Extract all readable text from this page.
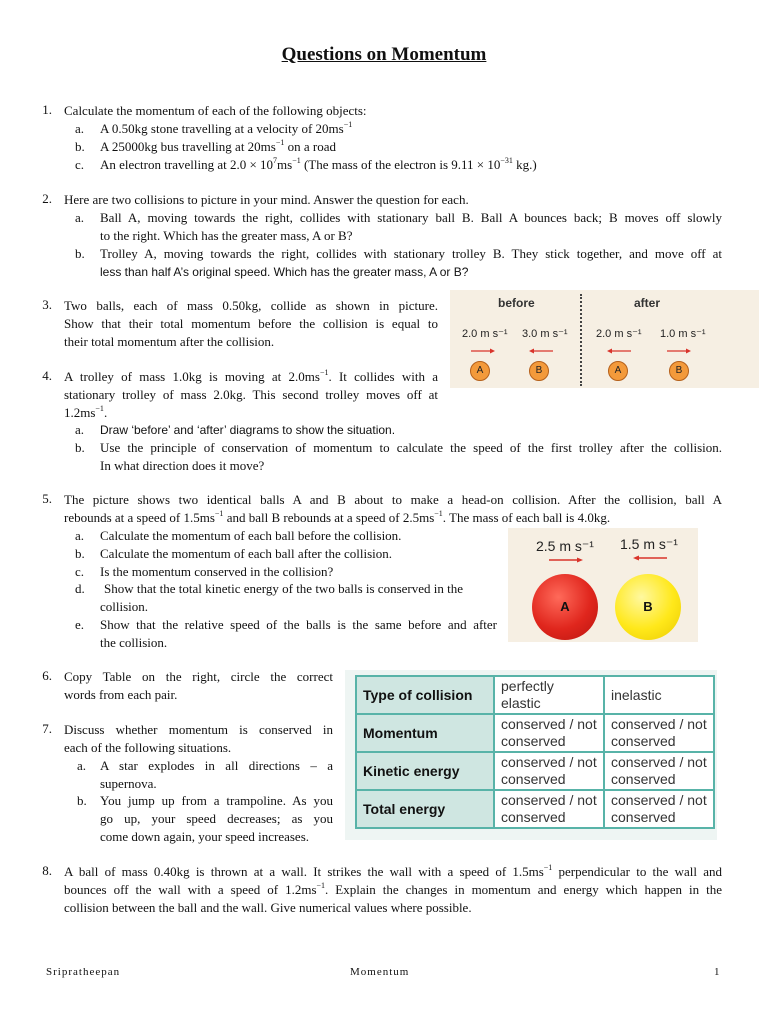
Questions on Momentum
1. Calculate the momentum of each of the following objects:
a. A 0.50kg stone travelling at a velocity of $20ms^{-1}$
b. A 25000kg bus travelling at $20ms^{-1}$ on a road
c. An electron travelling at $2.0 \times 10^7ms^{-1}$ (The mass of the electron is $9.11 \times 10^{-31}$ kg.)
2. Here are two collisions to picture in your mind. Answer the question for each.
a. Ball A, moving towards the right, collides with stationary ball B. Ball A bounces back; B moves off slowly
to the right. Which has the greater mass, A or B?
b. Trolley A, moving towards the right, collides with stationary trolley B. They stick together, and move off at
less than half A’s original speed. Which has the greater mass, A or B?
3. Two balls, each of mass 0.50kg, collide as shown in picture.
Show that their total momentum before the collision is equal to
their total momentum after the collision.
before	after
2.0 m s⁻¹ 3.0 m s⁻¹	2.0 m s⁻¹ 1.0 m s⁻¹
A	B	A	B
4. A trolley of mass 1.0kg is moving at $2.0ms^{-1}$. It collides with a
stationary trolley of mass 2.0kg. This second trolley moves off at
$1.2ms^{-1}$.
a. Draw ‘before’ and ‘after’ diagrams to show the situation.
b. Use the principle of conservation of momentum to calculate the speed of the first trolley after the collision.
In what direction does it move?
5. The picture shows two identical balls A and B about to make a head-on collision. After the collision, ball A
rebounds at a speed of $1.5ms^{-1}$ and ball B rebounds at a speed of $2.5ms^{-1}$. The mass of each ball is 4.0kg.
a. Calculate the momentum of each ball before the collision.
b. Calculate the momentum of each ball after the collision.
c. Is the momentum conserved in the collision?
d. Show that the total kinetic energy of the two balls is conserved in the
collision.
e. Show that the relative speed of the balls is the same before and after
the collision.
2.5 m s⁻¹ 1.5 m s⁻¹
A	B
6. Copy Table on the right, circle the correct
words from each pair.	Type of collision	perfectly elastic	inelastic
Momentum	conserved / not conserved	conserved / not conserved
Kinetic energy	conserved / not conserved	conserved / not conserved
Total energy	conserved / not conserved	conserved / not conserved
7. Discuss whether momentum is conserved in
each of the following situations.
a. A star explodes in all directions – a
supernova.
b. You jump up from a trampoline. As you
go up, your speed decreases; as you
come down again, your speed increases.
8. A ball of mass 0.40kg is thrown at a wall. It strikes the wall with a speed of $1.5ms^{-1}$ perpendicular to the wall and
bounces off the wall with a speed of $1.2ms^{-1}$. Explain the changes in momentum and energy which happen in the
collision between the ball and the wall. Give numerical values where possible.
Sripratheepan	Momentum	1
